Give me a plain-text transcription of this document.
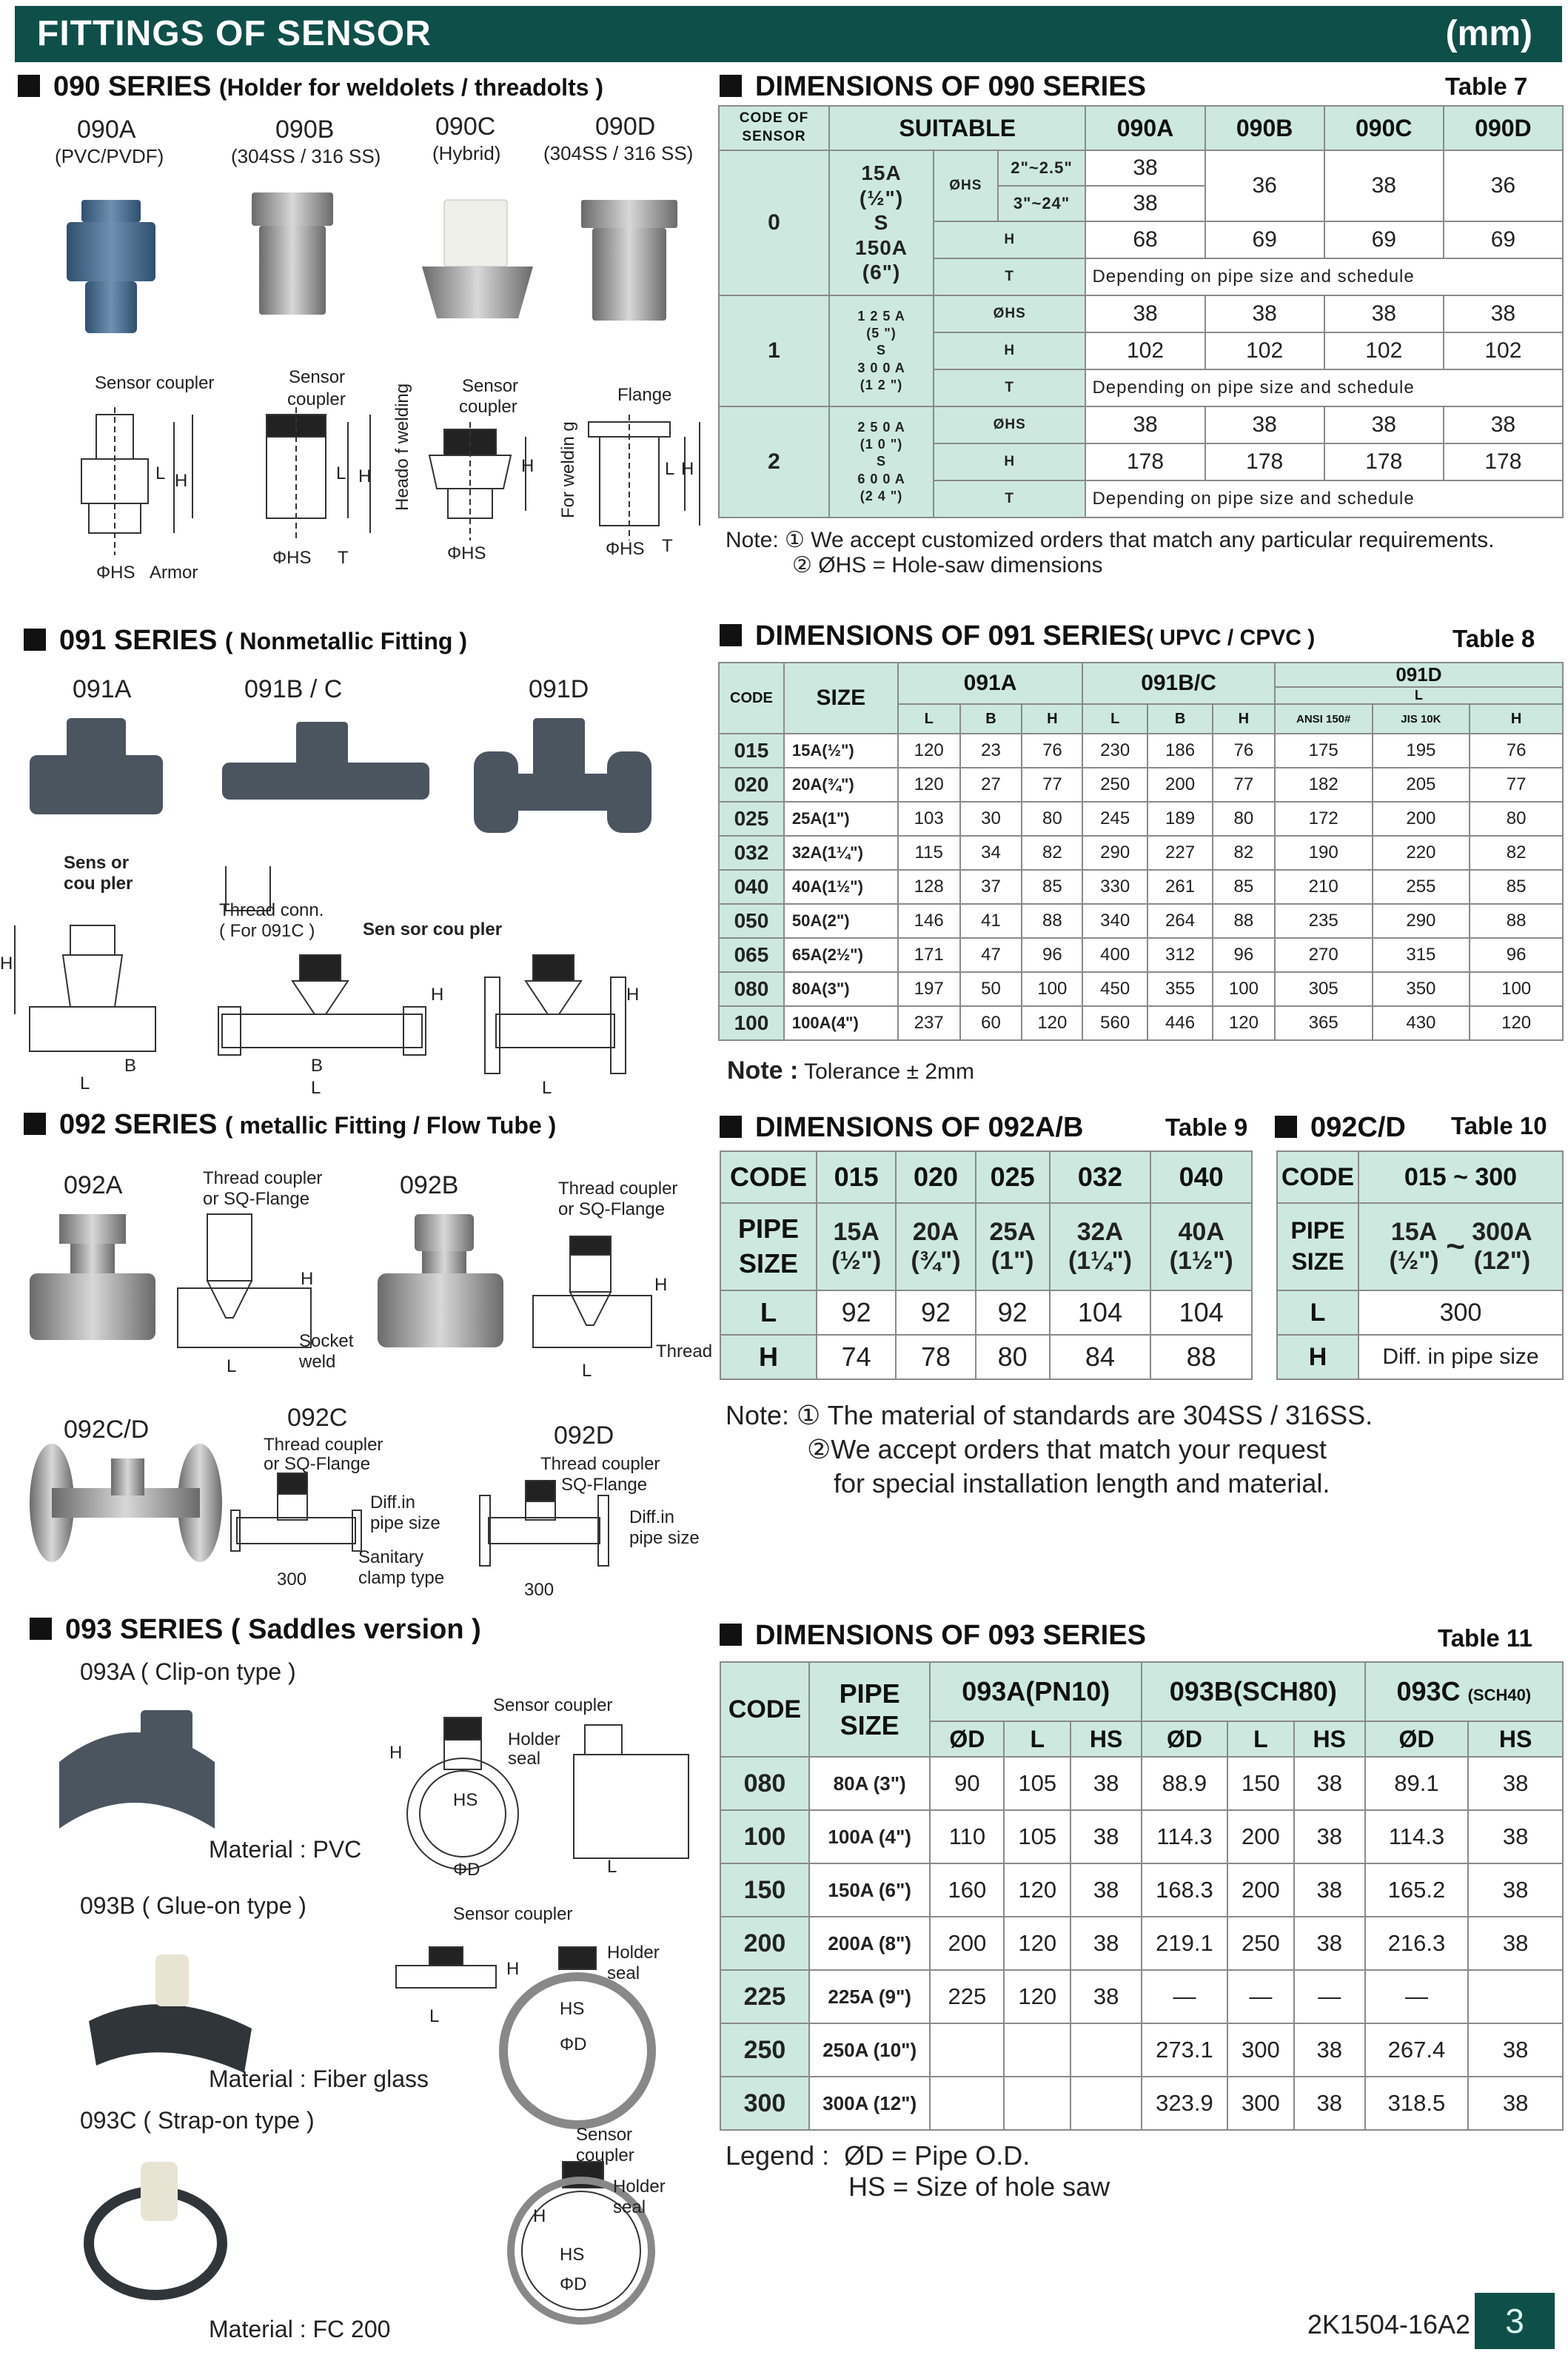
FITTINGS OF SENSOR	(mm)
090 SERIES (Holder for weldolets / threadolts )
090A
(PVC/PVDF)
090B
(304SS / 316 SS)
090C
(Hybrid)
090D
(304SS / 316 SS)
Sensor coupler	Sensor
coupler
Sensor
coupler
Flange
Heado f welding	For weldin g
L H	L H
H	L H
ΦHS Armor
ΦHS T	ΦHS	ΦHS T
DIMENSIONS OF 090 SERIES	Table 7
CODE OF SENSOR	SUITABLE			090A	090B	090C	090D
0	15A
(½")
S
150A
(6")	ØHS	2"~2.5"	38	36	38	36
			3"~24"	38			
		H		68	69	69	69
		T		Depending on pipe size and schedule			
1	1 2 5 A
(5 ")
S
3 0 0 A
(1 2 ")	ØHS		38	38	38	38
		H		102	102	102	102
		T		Depending on pipe size and schedule			
2	2 5 0 A
(1 0 ")
S
6 0 0 A
(2 4 ")	ØHS		38	38	38	38
		H		178	178	178	178
		T		Depending on pipe size and schedule			
Note: ① We accept customized orders that match any particular requirements.
② ØHS = Hole-saw dimensions
091 SERIES ( Nonmetallic Fitting )
091A	091B / C	091D
Sens or
cou pler
Thread conn.
( For 091C )	Sen sor cou pler
H
B
L
H
B
L
H
L
DIMENSIONS OF 091 SERIES( UPVC / CPVC )	Table 8
CODE	SIZE	091A			091B/C			091D
L		

		L	B	H	L	B	H	ANSI 150#	JIS 10K	H
015	15A(½")	120	23	76	230	186	76	175	195	76
020	20A(¾")	120	27	77	250	200	77	182	205	77
025	25A(1")	103	30	80	245	189	80	172	200	80
032	32A(1¼")	115	34	82	290	227	82	190	220	82
040	40A(1½")	128	37	85	330	261	85	210	255	85
050	50A(2")	146	41	88	340	264	88	235	290	88
065	65A(2½")	171	47	96	400	312	96	270	315	96
080	80A(3")	197	50	100	450	355	100	305	350	100
100	100A(4")	237	60	120	560	446	120	365	430	120
Note : Tolerance ± 2mm
092 SERIES ( metallic Fitting / Flow Tube )
092A	092B
092C/D	092C
092D
Thread coupler
or SQ-Flange
Thread coupler
or SQ-Flange
H	H
Socket
weld
Thread
L	L
Thread coupler
or SQ-Flange	Thread coupler
or SQ-Flange
Diff.in
pipe size	Diff.in
pipe size
Sanitary
clamp type
300
300
DIMENSIONS OF 092A/B	Table 9
CODE	015	020	025	032	040
PIPE
SIZE	15A
(½")	20A
(¾")	25A
(1")	32A
(1¼")	40A
(1½")
L	92	92	92	104	104
H	74	78	80	84	88
092C/D Table 10
CODE	015 ~ 300
PIPE
SIZE	15A
(½") ~ 300A
(12")
L	300
H	Diff. in pipe size
Note: ① The material of standards are 304SS / 316SS.
②We accept orders that match your request
for special installation length and material.
093 SERIES ( Saddles version )
093A ( Clip-on type )
093B ( Glue-on type )
093C ( Strap-on type )
Material : PVC
Material : Fiber glass
Material : FC 200
Sensor coupler
Holder
seal
H
HS
ΦD	L
Sensor coupler
Holder
seal
H
L	HS
ΦD
Sensor
coupler
Holder
seal
H
HS
ΦD
DIMENSIONS OF 093 SERIES	Table 11
CODE	PIPE
SIZE	093A(PN10)			093B(SCH80)			093C (SCH40)	
		ØD	L	HS	ØD	L	HS	ØD	HS
080	80A (3")	90	105	38	88.9	150	38	89.1	38
100	100A (4")	110	105	38	114.3	200	38	114.3	38
150	150A (6")	160	120	38	168.3	200	38	165.2	38
200	200A (8")	200	120	38	219.1	250	38	216.3	38
225	225A (9")	225	120	38	—	—	—	—	
250	250A (10")				273.1	300	38	267.4	38
300	300A (12")				323.9	300	38	318.5	38
Legend : ØD = Pipe O.D.
HS = Size of hole saw
2K1504-16A2	3
